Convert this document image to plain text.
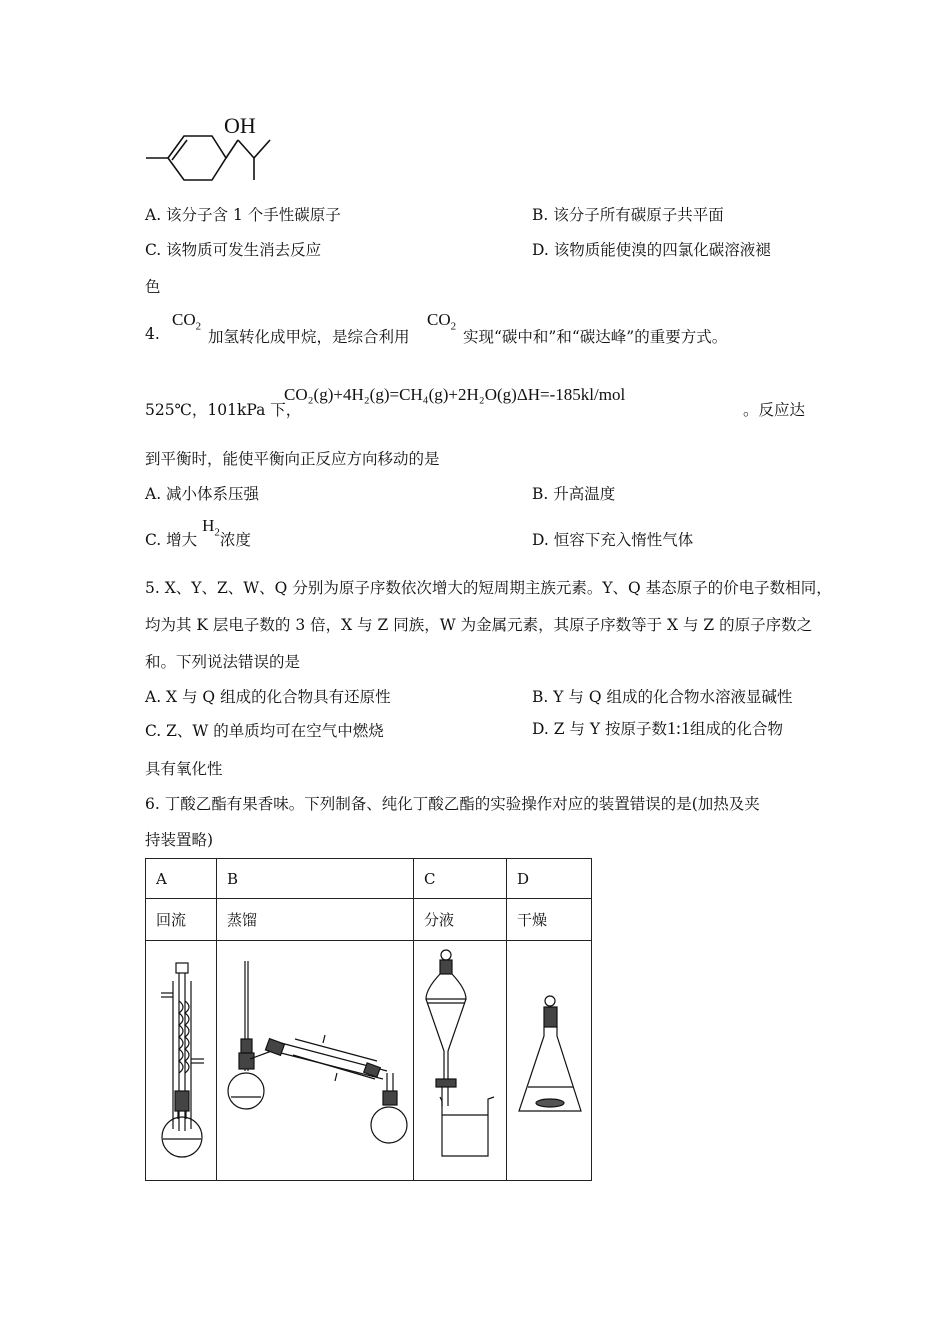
OH
A. 该分子含 1 个手性碳原子	B. 该分子所有碳原子共平面
C. 该物质可发生消去反应	D. 该物质能使溴的四氯化碳溶液褪
色
4.
$CO_2$
加氢转化成甲烷，是综合利用
$CO_2$
实现“碳中和”和“碳达峰”的重要方式。
525℃，101kPa 下，
CO₂(g)+4H₂(g)=CH₄(g)+2H₂O(g)ΔH=-185kl/mol
。反应达
到平衡时，能使平衡向正反应方向移动的是
A. 减小体系压强	B. 升高温度
C. 增大 $H_2$浓度	D. 恒容下充入惰性气体
5. X、Y、Z、W、Q 分别为原子序数依次增大的短周期主族元素。Y、Q 基态原子的价电子数相同，
均为其 K 层电子数的 3 倍，X 与 Z 同族，W 为金属元素，其原子序数等于 X 与 Z 的原子序数之
和。下列说法错误的是
A. X 与 Q 组成的化合物具有还原性	B. Y 与 Q 组成的化合物水溶液显碱性
C. Z、W 的单质均可在空气中燃烧	D. Z 与 Y 按原子数1:1组成的化合物
具有氧化性
6. 丁酸乙酯有果香味。下列制备、纯化丁酸乙酯的实验操作对应的装置错误的是(加热及夹
持装置略)
A	B	C	D
回流	蒸馏	分液	干燥
